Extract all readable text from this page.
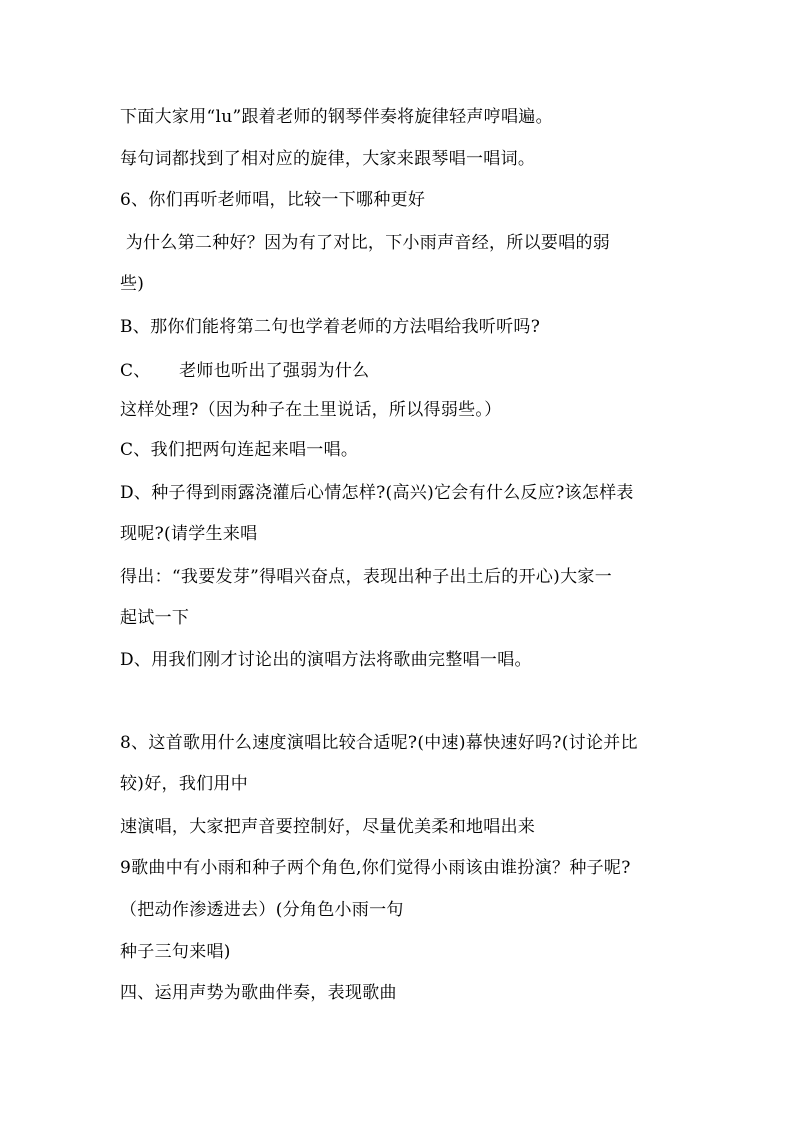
下面大家用“lu”跟着老师的钢琴伴奏将旋律轻声哼唱遍。
每句词都找到了相对应的旋律，大家来跟琴唱一唱词。
6、你们再听老师唱，比较一下哪种更好
为什么第二种好？因为有了对比，下小雨声音经，所以要唱的弱
些)
B、那你们能将第二句也学着老师的方法唱给我听听吗?
C、     老师也听出了强弱为什么
这样处理?（因为种子在土里说话，所以得弱些。）
C、我们把两句连起来唱一唱。
D、种子得到雨露浇灌后心情怎样?(高兴)它会有什么反应?该怎样表
现呢?(请学生来唱
得出：“我要发芽”得唱兴奋点，表现出种子出土后的开心)大家一
起试一下
D、用我们刚才讨论出的演唱方法将歌曲完整唱一唱。
8、这首歌用什么速度演唱比较合适呢?(中速)幕快速好吗?(讨论并比
较)好，我们用中
速演唱，大家把声音要控制好，尽量优美柔和地唱出来
9歌曲中有小雨和种子两个角色,你们觉得小雨该由谁扮演？种子呢?
（把动作渗透进去）(分角色小雨一句
种子三句来唱)
四、运用声势为歌曲伴奏，表现歌曲
